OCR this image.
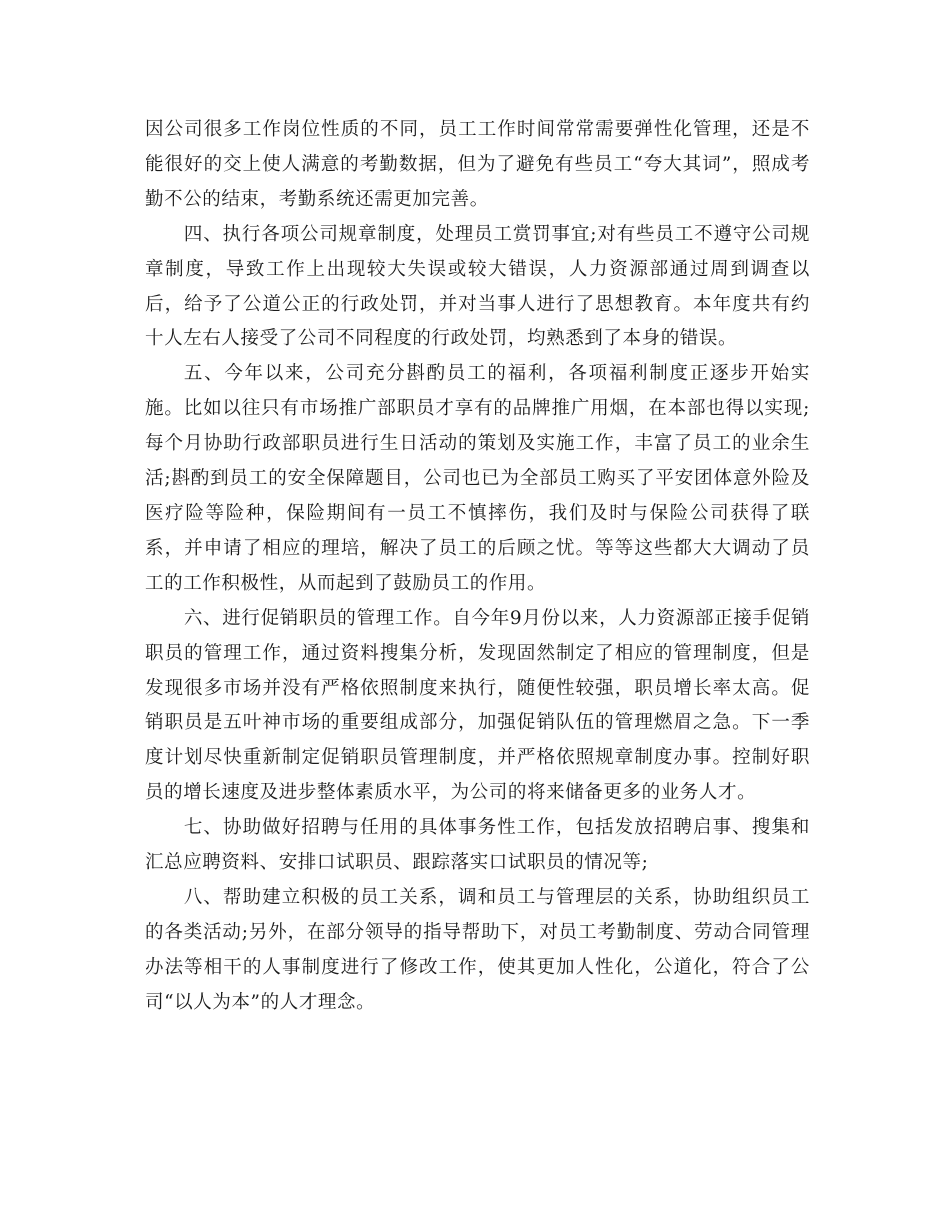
因公司很多工作岗位性质的不同，员工工作时间常常需要弹性化管理，还是不能很好的交上使人满意的考勤数据，但为了避免有些员工“夸大其词”，照成考勤不公的结束，考勤系统还需更加完善。

四、执行各项公司规章制度，处理员工赏罚事宜;对有些员工不遵守公司规章制度，导致工作上出现较大失误或较大错误，人力资源部通过周到调查以后，给予了公道公正的行政处罚，并对当事人进行了思想教育。本年度共有约十人左右人接受了公司不同程度的行政处罚，均熟悉到了本身的错误。

五、今年以来，公司充分斟酌员工的福利，各项福利制度正逐步开始实施。比如以往只有市场推广部职员才享有的品牌推广用烟，在本部也得以实现;每个月协助行政部职员进行生日活动的策划及实施工作，丰富了员工的业余生活;斟酌到员工的安全保障题目，公司也已为全部员工购买了平安团体意外险及医疗险等险种，保险期间有一员工不慎摔伤，我们及时与保险公司获得了联系，并申请了相应的理培，解决了员工的后顾之忧。等等这些都大大调动了员工的工作积极性，从而起到了鼓励员工的作用。

六、进行促销职员的管理工作。自今年9月份以来，人力资源部正接手促销职员的管理工作，通过资料搜集分析，发现固然制定了相应的管理制度，但是发现很多市场并没有严格依照制度来执行，随便性较强，职员增长率太高。促销职员是五叶神市场的重要组成部分，加强促销队伍的管理燃眉之急。下一季度计划尽快重新制定促销职员管理制度，并严格依照规章制度办事。控制好职员的增长速度及进步整体素质水平，为公司的将来储备更多的业务人才。

七、协助做好招聘与任用的具体事务性工作，包括发放招聘启事、搜集和汇总应聘资料、安排口试职员、跟踪落实口试职员的情况等;

八、帮助建立积极的员工关系，调和员工与管理层的关系，协助组织员工的各类活动;另外，在部分领导的指导帮助下，对员工考勤制度、劳动合同管理办法等相干的人事制度进行了修改工作，使其更加人性化，公道化，符合了公司“以人为本”的人才理念。
